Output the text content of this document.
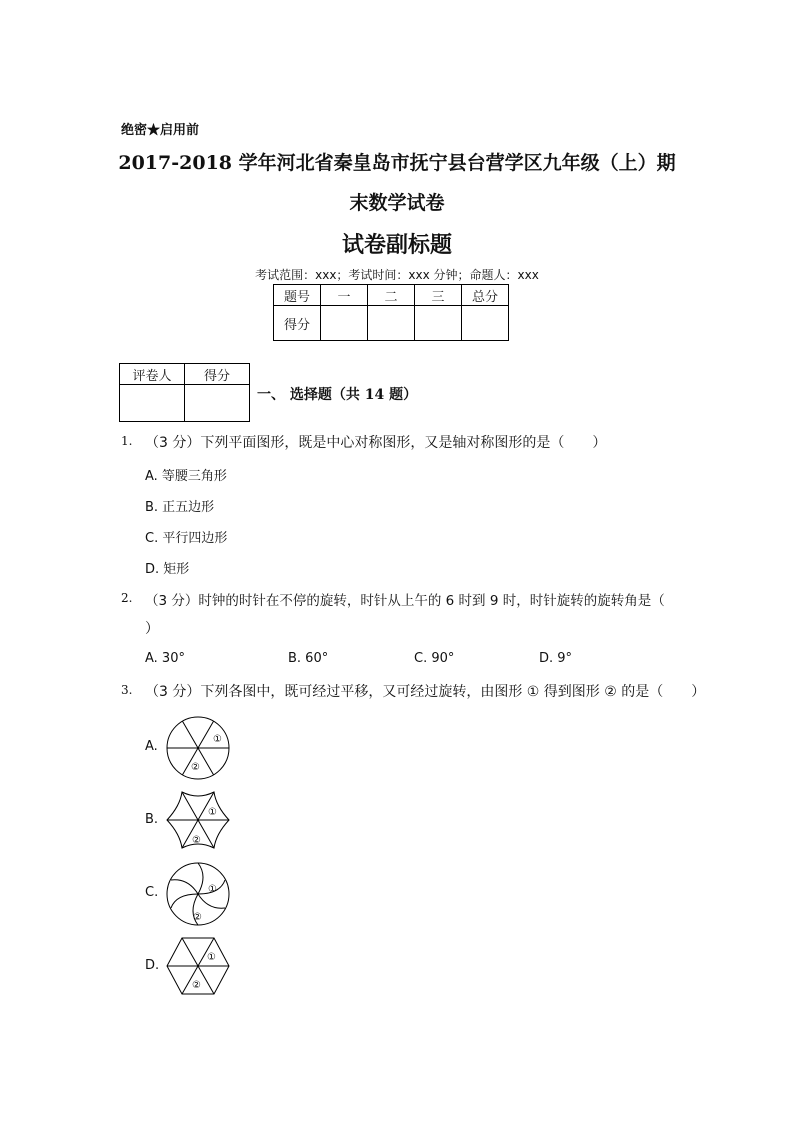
绝密★启用前
2017-2018 学年河北省秦皇岛市抚宁县台营学区九年级（上）期
末数学试卷
试卷副标题
考试范围：xxx；考试时间：xxx 分钟；命题人：xxx
题号	一	二	三	总分
得分				
评卷人	得分

一、 选择题（共 14 题）
1. （3 分）下列平面图形，既是中心对称图形，又是轴对称图形的是（　　）
A. 等腰三角形
B. 正五边形
C. 平行四边形
D. 矩形
2. （3 分）时钟的时针在不停的旋转，时针从上午的 6 时到 9 时，时针旋转的旋转角是（
）
A. 30°	B. 60°	C. 90°	D. 9°
3. （3 分）下列各图中，既可经过平移，又可经过旋转，由图形 ① 得到图形 ② 的是（　　）
A.	①
②
B.	①
②
C.	①
②
D.
①
②
